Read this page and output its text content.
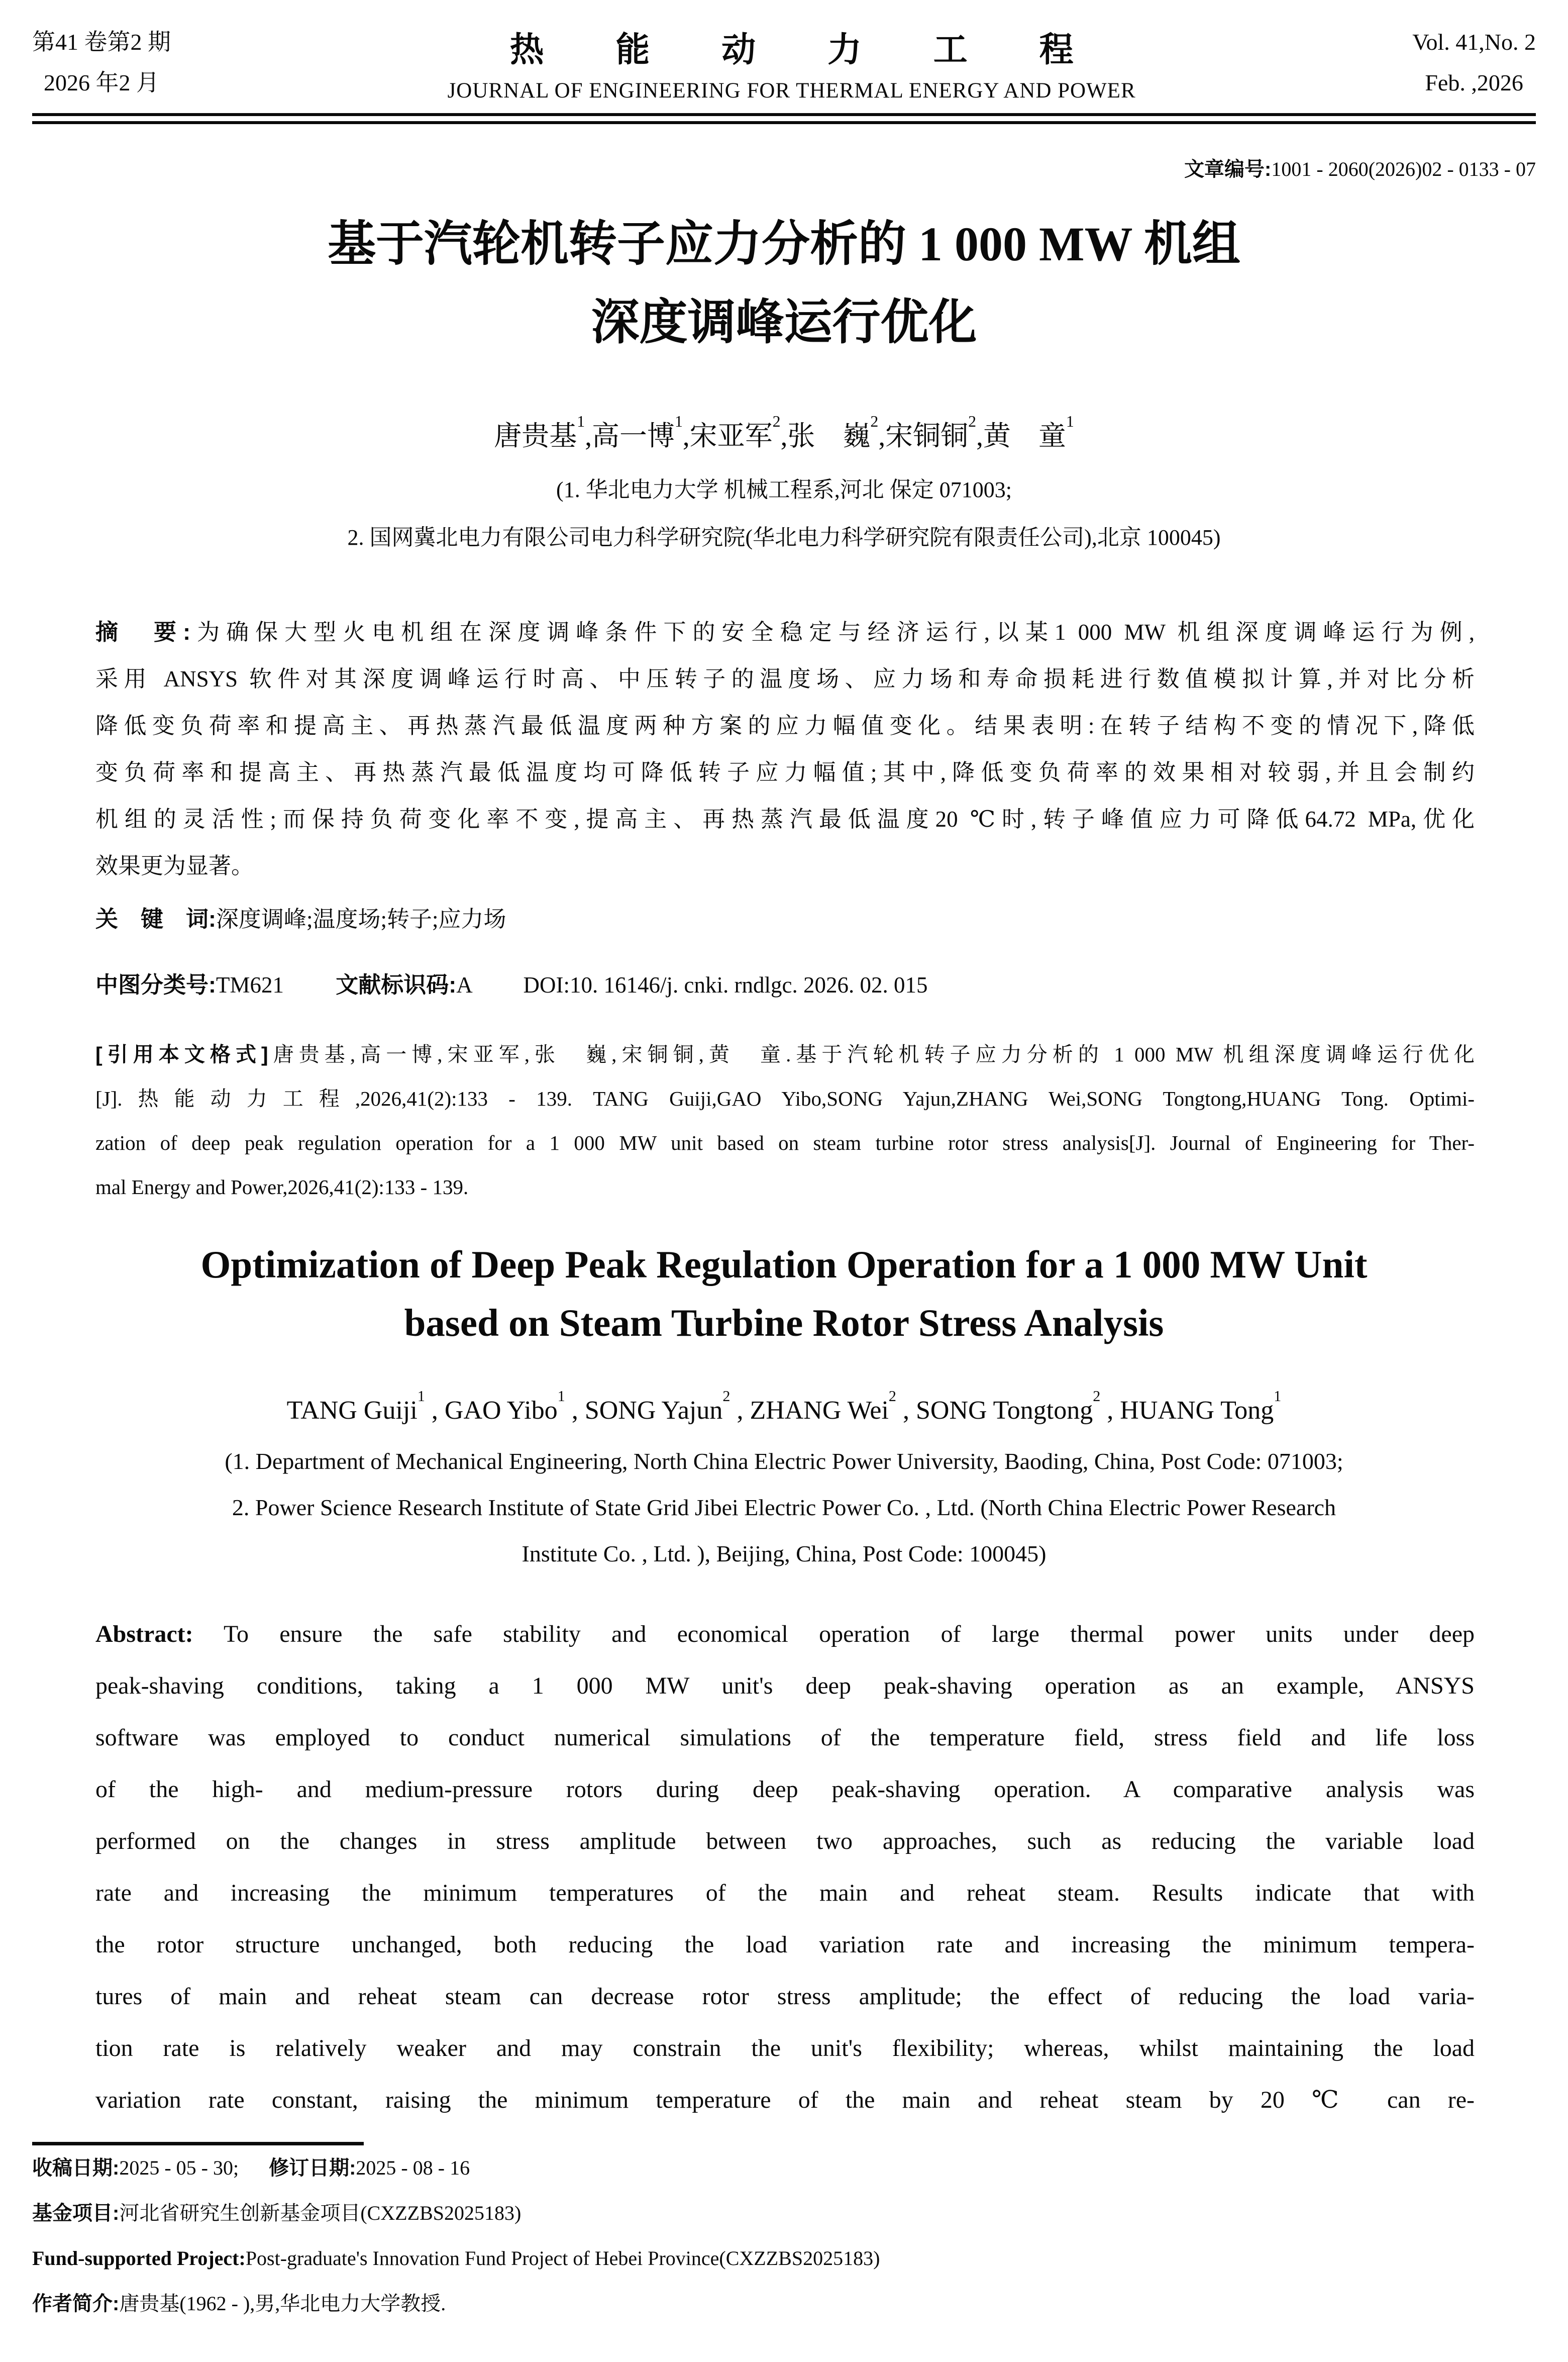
第41 卷第2 期
2026 年2 月
热能动力工程
JOURNAL OF ENGINEERING FOR THERMAL ENERGY AND POWER
Vol. 41,No. 2
Feb. ,2026
文章编号:1001 - 2060(2026)02 - 0133 - 07
基于汽轮机转子应力分析的 1 000 MW 机组
深度调峰运行优化
唐贵基$^1$,高一博$^1$,宋亚军$^2$,张　巍$^2$,宋铜铜$^2$,黄　童$^1$
(1. 华北电力大学 机械工程系,河北 保定 071003;
2. 国网冀北电力有限公司电力科学研究院(华北电力科学研究院有限责任公司),北京 100045)
摘　要:为确保大型火电机组在深度调峰条件下的安全稳定与经济运行,以某1 000 MW 机组深度调峰运行为例,
采用 ANSYS 软件对其深度调峰运行时高、中压转子的温度场、应力场和寿命损耗进行数值模拟计算,并对比分析
降低变负荷率和提高主、再热蒸汽最低温度两种方案的应力幅值变化。结果表明:在转子结构不变的情况下,降低
变负荷率和提高主、再热蒸汽最低温度均可降低转子应力幅值;其中,降低变负荷率的效果相对较弱,并且会制约
机组的灵活性;而保持负荷变化率不变,提高主、再热蒸汽最低温度20 ℃时,转子峰值应力可降低64.72 MPa,优化
效果更为显著。
关　键　词:深度调峰;温度场;转子;应力场
中图分类号:TM621 文献标识码:A DOI:10. 16146/j. cnki. rndlgc. 2026. 02. 015
[引用本文格式]唐贵基,高一博,宋亚军,张　巍,宋铜铜,黄　童.基于汽轮机转子应力分析的 1 000 MW 机组深度调峰运行优化
[J].热能动力工程,2026,41(2):133 - 139. TANG Guiji,GAO Yibo,SONG Yajun,ZHANG Wei,SONG Tongtong,HUANG Tong. Optimi-
zation of deep peak regulation operation for a 1 000 MW unit based on steam turbine rotor stress analysis[J]. Journal of Engineering for Ther-
mal Energy and Power,2026,41(2):133 - 139.
Optimization of Deep Peak Regulation Operation for a 1 000 MW Unit
based on Steam Turbine Rotor Stress Analysis
TANG Guiji$^1$ , GAO Yibo$^1$ , SONG Yajun$^2$ , ZHANG Wei$^2$ , SONG Tongtong$^2$ , HUANG Tong$^1$
(1. Department of Mechanical Engineering, North China Electric Power University, Baoding, China, Post Code: 071003;
2. Power Science Research Institute of State Grid Jibei Electric Power Co. , Ltd. (North China Electric Power Research
Institute Co. , Ltd. ), Beijing, China, Post Code: 100045)
Abstract: To ensure the safe stability and economical operation of large thermal power units under deep
peak-shaving conditions, taking a 1 000 MW unit's deep peak-shaving operation as an example, ANSYS
software was employed to conduct numerical simulations of the temperature field, stress field and life loss
of the high- and medium-pressure rotors during deep peak-shaving operation. A comparative analysis was
performed on the changes in stress amplitude between two approaches, such as reducing the variable load
rate and increasing the minimum temperatures of the main and reheat steam. Results indicate that with
the rotor structure unchanged, both reducing the load variation rate and increasing the minimum tempera-
tures of main and reheat steam can decrease rotor stress amplitude; the effect of reducing the load varia-
tion rate is relatively weaker and may constrain the unit's flexibility; whereas, whilst maintaining the load
variation rate constant, raising the minimum temperature of the main and reheat steam by 20 ℃ can re-
收稿日期:2025 - 05 - 30; 修订日期:2025 - 08 - 16
基金项目:河北省研究生创新基金项目(CXZZBS2025183)
Fund-supported Project:Post-graduate's Innovation Fund Project of Hebei Province(CXZZBS2025183)
作者简介:唐贵基(1962 - ),男,华北电力大学教授.
